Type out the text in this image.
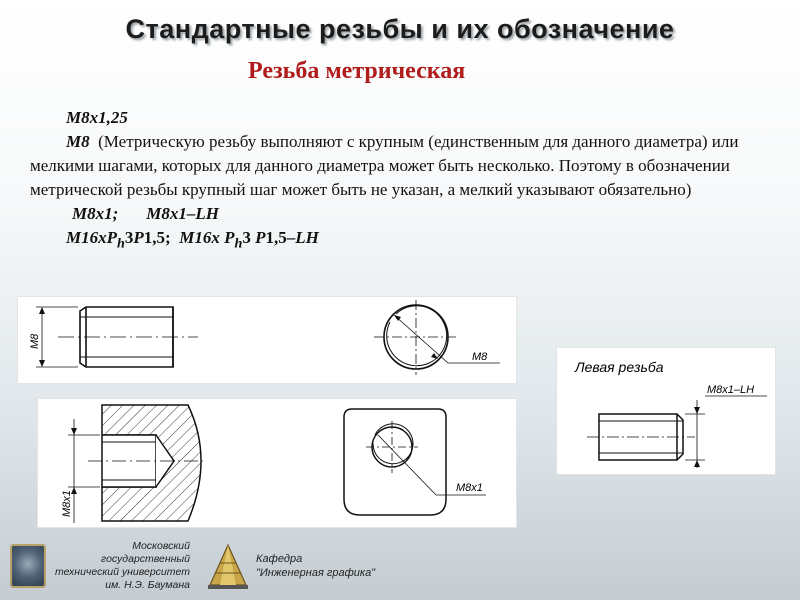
Стандартные резьбы и их обозначение
Резьба метрическая
М8х1,25
М8 (Метрическую резьбу выполняют с крупным (единственным для данного диаметра) или мелкими шагами, которых для данного диаметра может быть несколько. Поэтому в обозначении метрической резьбы крупный шаг может быть не указан, а мелкий указывают обязательно)
М8х1; М8х1–LH
$М16хP_h3P1,5$; М16х $P_h3$ P1,5–LH
М8
М8
М8х1
М8х1
Левая резьба
М8х1–LH
Московский государственный
технический университет
им. Н.Э. Баумана
Кафедра
"Инженерная графика"
